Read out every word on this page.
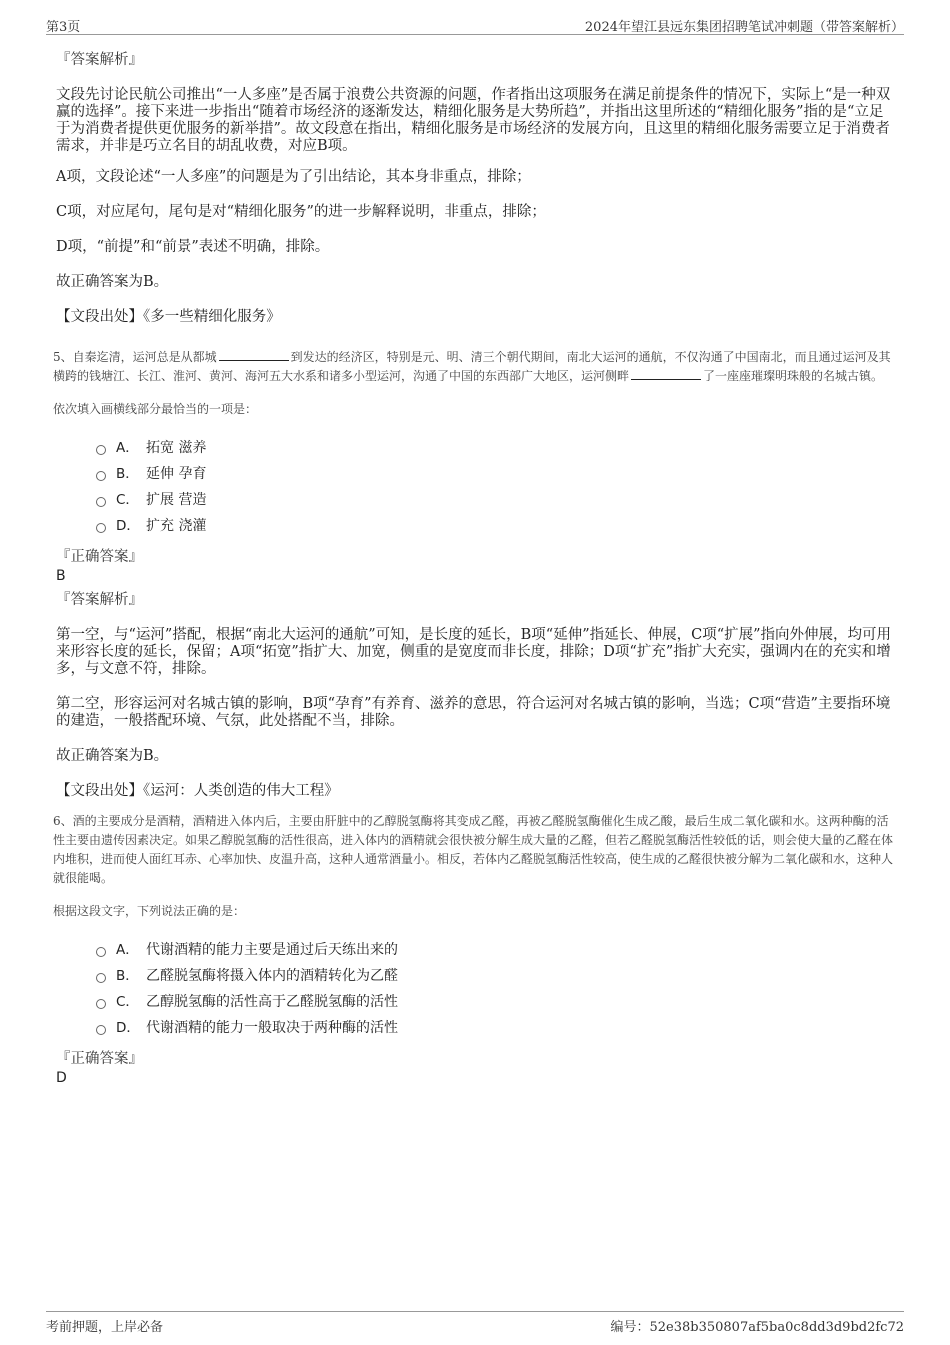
第3页	2024年望江县远东集团招聘笔试冲刺题（带答案解析）

『答案解析』

文段先讨论民航公司推出“一人多座”是否属于浪费公共资源的问题，作者指出这项服务在满足前提条件的情况下，实际上“是一种双赢的选择”。接下来进一步指出“随着市场经济的逐渐发达，精细化服务是大势所趋”，并指出这里所述的“精细化服务”指的是“立足于为消费者提供更优服务的新举措”。故文段意在指出，精细化服务是市场经济的发展方向，且这里的精细化服务需要立足于消费者需求，并非是巧立名目的胡乱收费，对应B项。

A项，文段论述“一人多座”的问题是为了引出结论，其本身非重点，排除；

C项，对应尾句，尾句是对“精细化服务”的进一步解释说明，非重点，排除；

D项，“前提”和“前景”表述不明确，排除。

故正确答案为B。

【文段出处】《多一些精细化服务》

5、自秦迄清，运河总是从都城	到发达的经济区，特别是元、明、清三个朝代期间，南北大运河的通航，不仅沟通了中国南北，而且通过运河及其横跨的钱塘江、长江、淮河、黄河、海河五大水系和诸多小型运河，沟通了中国的东西部广大地区，运河侧畔	了一座座璀璨明珠般的名城古镇。

依次填入画横线部分最恰当的一项是：

A． 拓宽 滋养
B． 延伸 孕育
C． 扩展 营造
D． 扩充 浇灌

『正确答案』

B

『答案解析』

第一空，与“运河”搭配，根据“南北大运河的通航”可知，是长度的延长，B项“延伸”指延长、伸展，C项“扩展”指向外伸展，均可用来形容长度的延长，保留；A项“拓宽”指扩大、加宽，侧重的是宽度而非长度，排除；D项“扩充”指扩大充实，强调内在的充实和增多，与文意不符，排除。

第二空，形容运河对名城古镇的影响，B项“孕育”有养育、滋养的意思，符合运河对名城古镇的影响，当选；C项“营造”主要指环境的建造，一般搭配环境、气氛，此处搭配不当，排除。

故正确答案为B。

【文段出处】《运河：人类创造的伟大工程》

6、酒的主要成分是酒精，酒精进入体内后，主要由肝脏中的乙醇脱氢酶将其变成乙醛，再被乙醛脱氢酶催化生成乙酸，最后生成二氧化碳和水。这两种酶的活性主要由遗传因素决定。如果乙醇脱氢酶的活性很高，进入体内的酒精就会很快被分解生成大量的乙醛，但若乙醛脱氢酶活性较低的话，则会使大量的乙醛在体内堆积，进而使人面红耳赤、心率加快、皮温升高，这种人通常酒量小。相反，若体内乙醛脱氢酶活性较高，使生成的乙醛很快被分解为二氧化碳和水，这种人就很能喝。

根据这段文字，下列说法正确的是：

A． 代谢酒精的能力主要是通过后天练出来的
B． 乙醛脱氢酶将摄入体内的酒精转化为乙醛
C． 乙醇脱氢酶的活性高于乙醛脱氢酶的活性
D． 代谢酒精的能力一般取决于两种酶的活性

『正确答案』

D

考前押题，上岸必备	编号：52e38b350807af5ba0c8dd3d9bd2fc72
